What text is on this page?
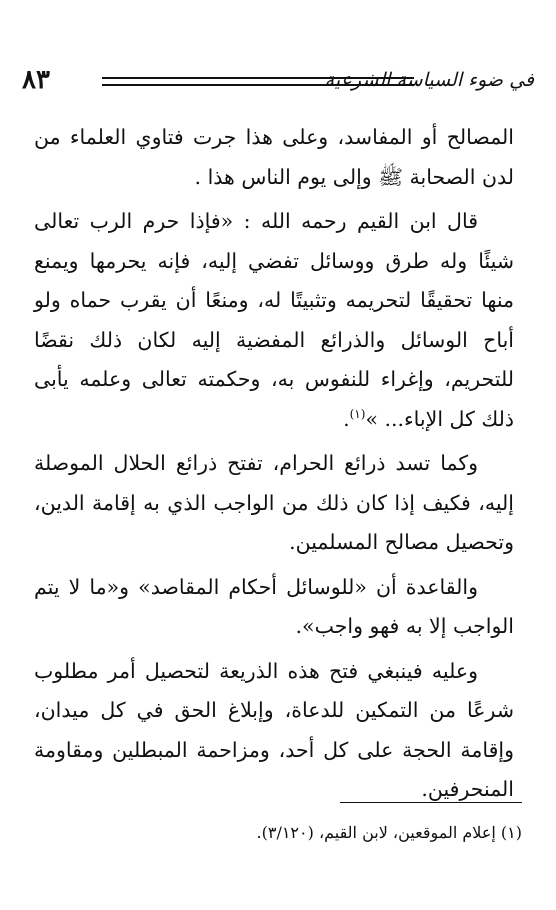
٨٣	في ضوء السياسة الشرعية

المصالح أو المفاسد، وعلى هذا جرت فتاوي العلماء من لدن الصحابة ﷺ وإلى يوم الناس هذا .

قال ابن القيم رحمه الله : «فإذا حرم الرب تعالى شيئًا وله طرق ووسائل تفضي إليه، فإنه يحرمها ويمنع منها تحقيقًا لتحريمه وتثبيتًا له، ومنعًا أن يقرب حماه ولو أباح الوسائل والذرائع المفضية إليه لكان ذلك نقضًا للتحريم، وإغراء للنفوس به، وحكمته تعالى وعلمه يأبى ذلك كل الإباء... »$^{(١)}$.

وكما تسد ذرائع الحرام، تفتح ذرائع الحلال الموصلة إليه، فكيف إذا كان ذلك من الواجب الذي به إقامة الدين، وتحصيل مصالح المسلمين.

والقاعدة أن «للوسائل أحكام المقاصد» و«ما لا يتم الواجب إلا به فهو واجب».

وعليه فينبغي فتح هذه الذريعة لتحصيل أمر مطلوب شرعًا من التمكين للدعاة، وإبلاغ الحق في كل ميدان، وإقامة الحجة على كل أحد، ومزاحمة المبطلين ومقاومة المنحرفين.

(١) إعلام الموقعين، لابن القيم، (٣/١٢٠).
